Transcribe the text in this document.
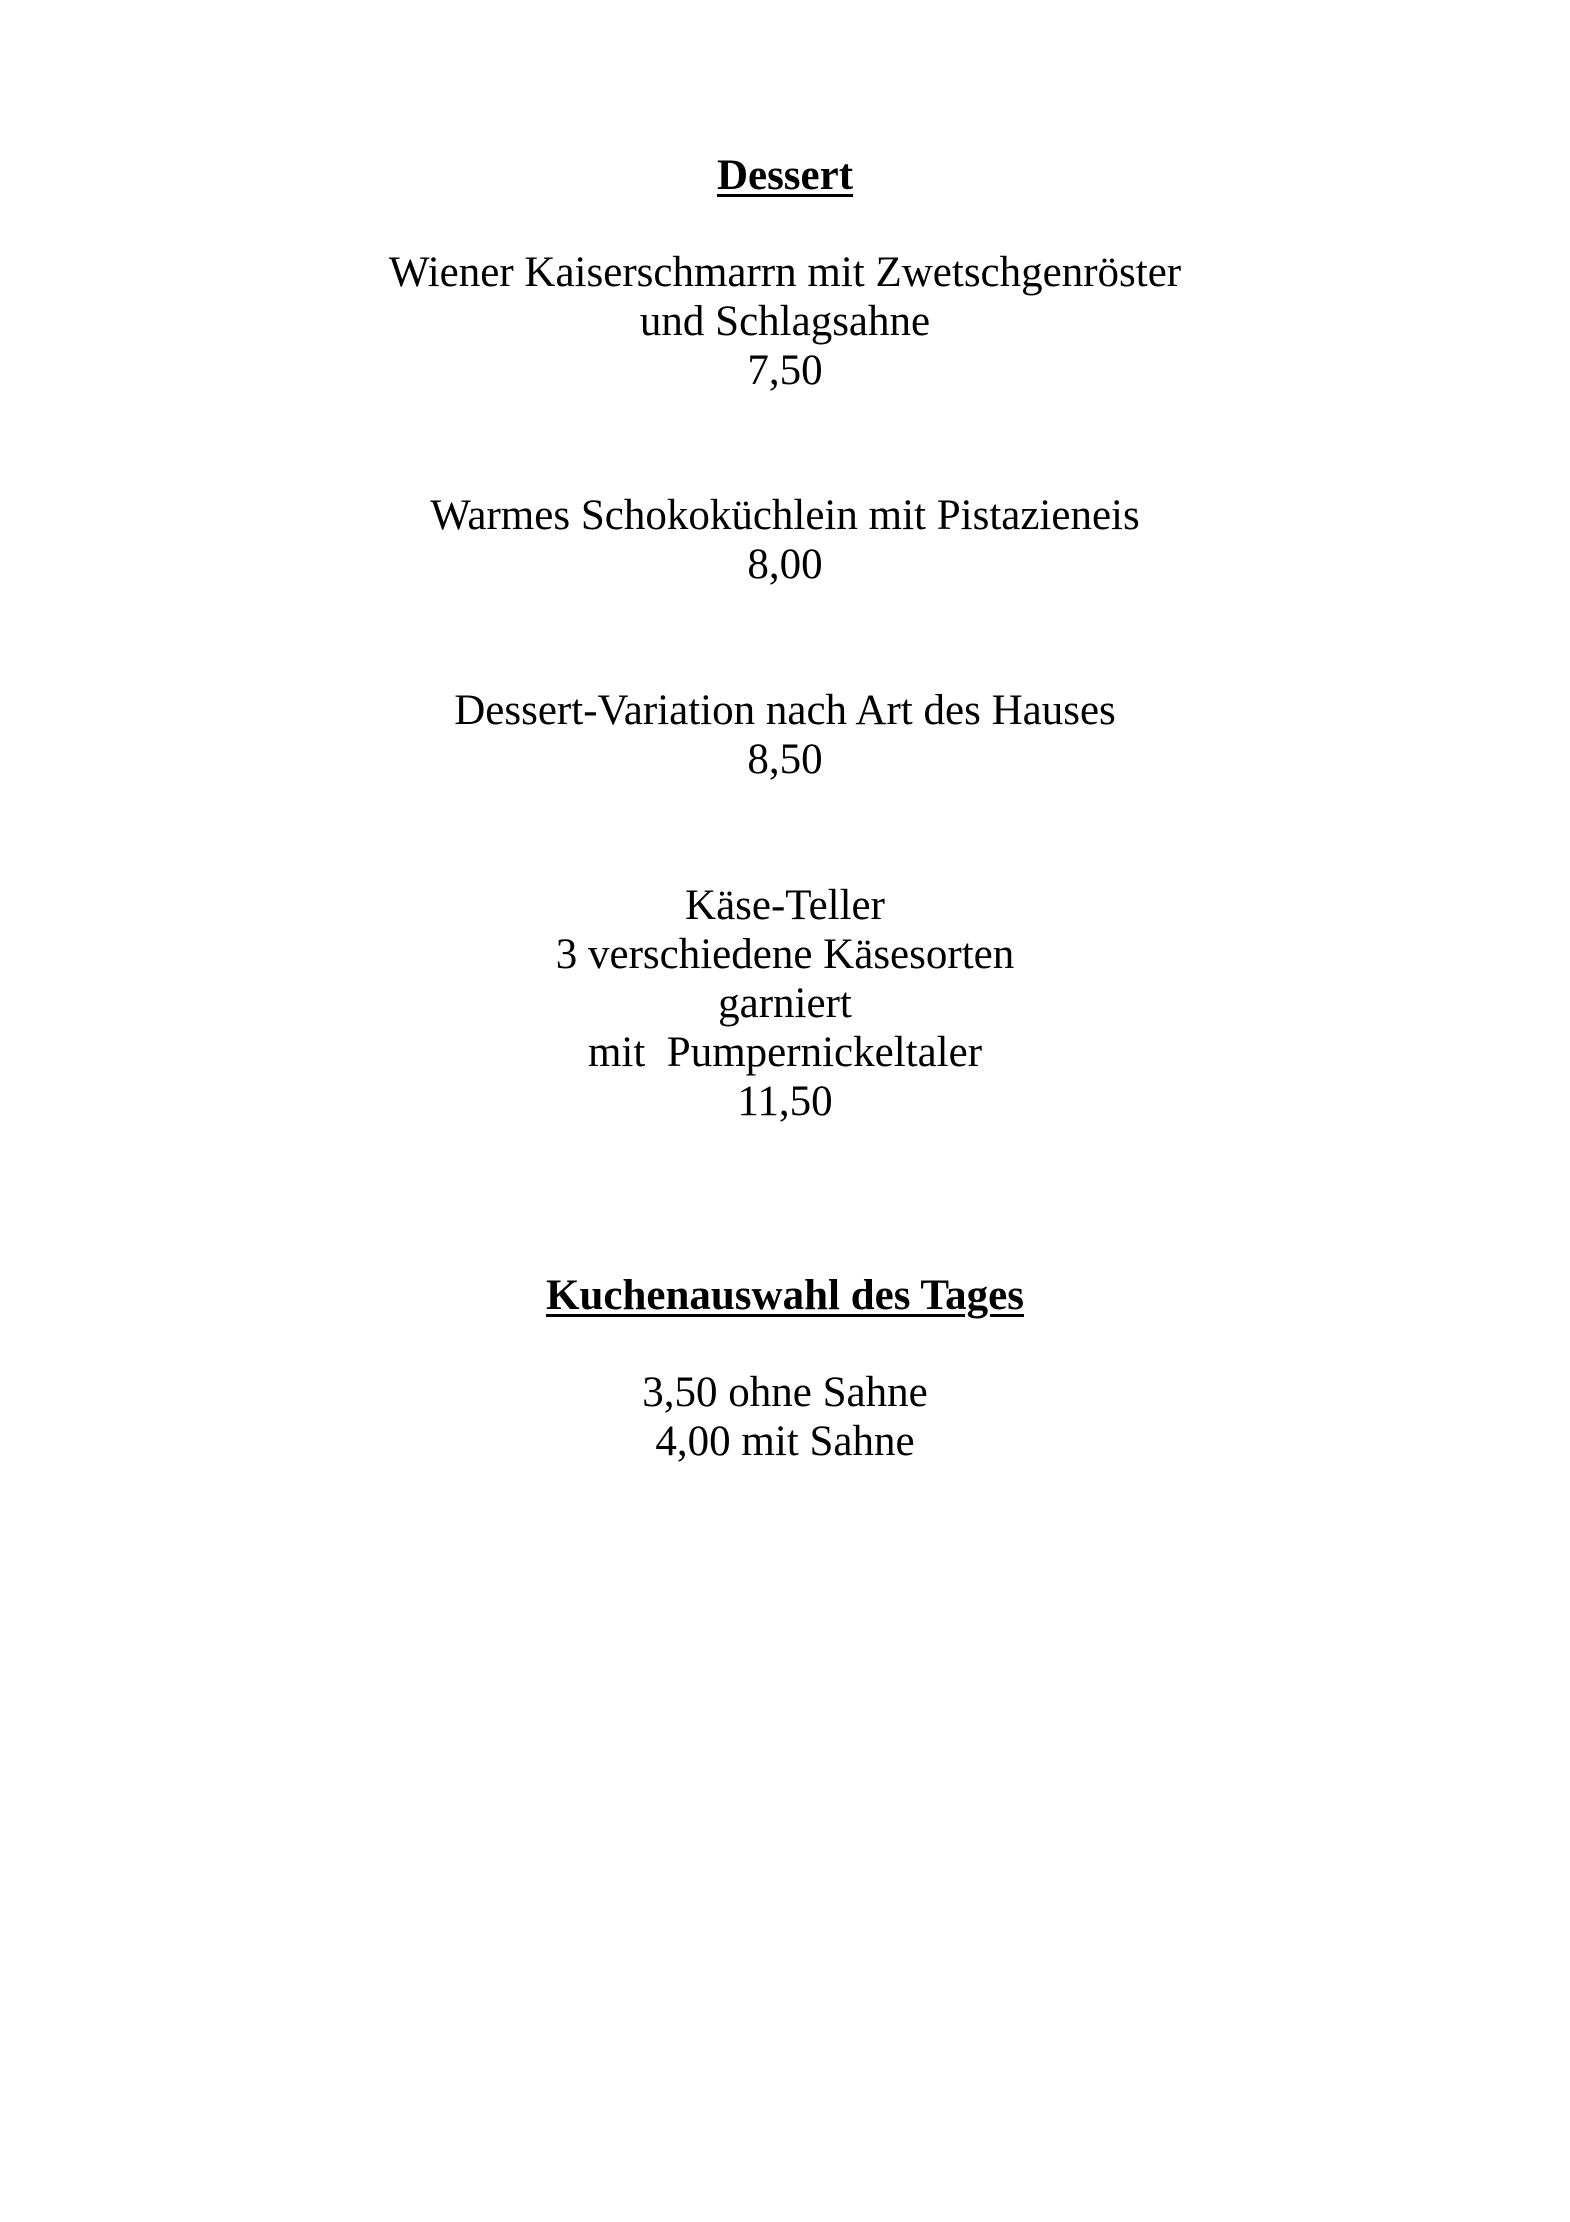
Dessert

Wiener Kaiserschmarrn mit Zwetschgenröster

und Schlagsahne

7,50

Warmes Schokoküchlein mit Pistazieneis

8,00

Dessert-Variation nach Art des Hauses

8,50

Käse-Teller

3 verschiedene Käsesorten

garniert

mit  Pumpernickeltaler

11,50

Kuchenauswahl des Tages

3,50 ohne Sahne

4,00 mit Sahne
